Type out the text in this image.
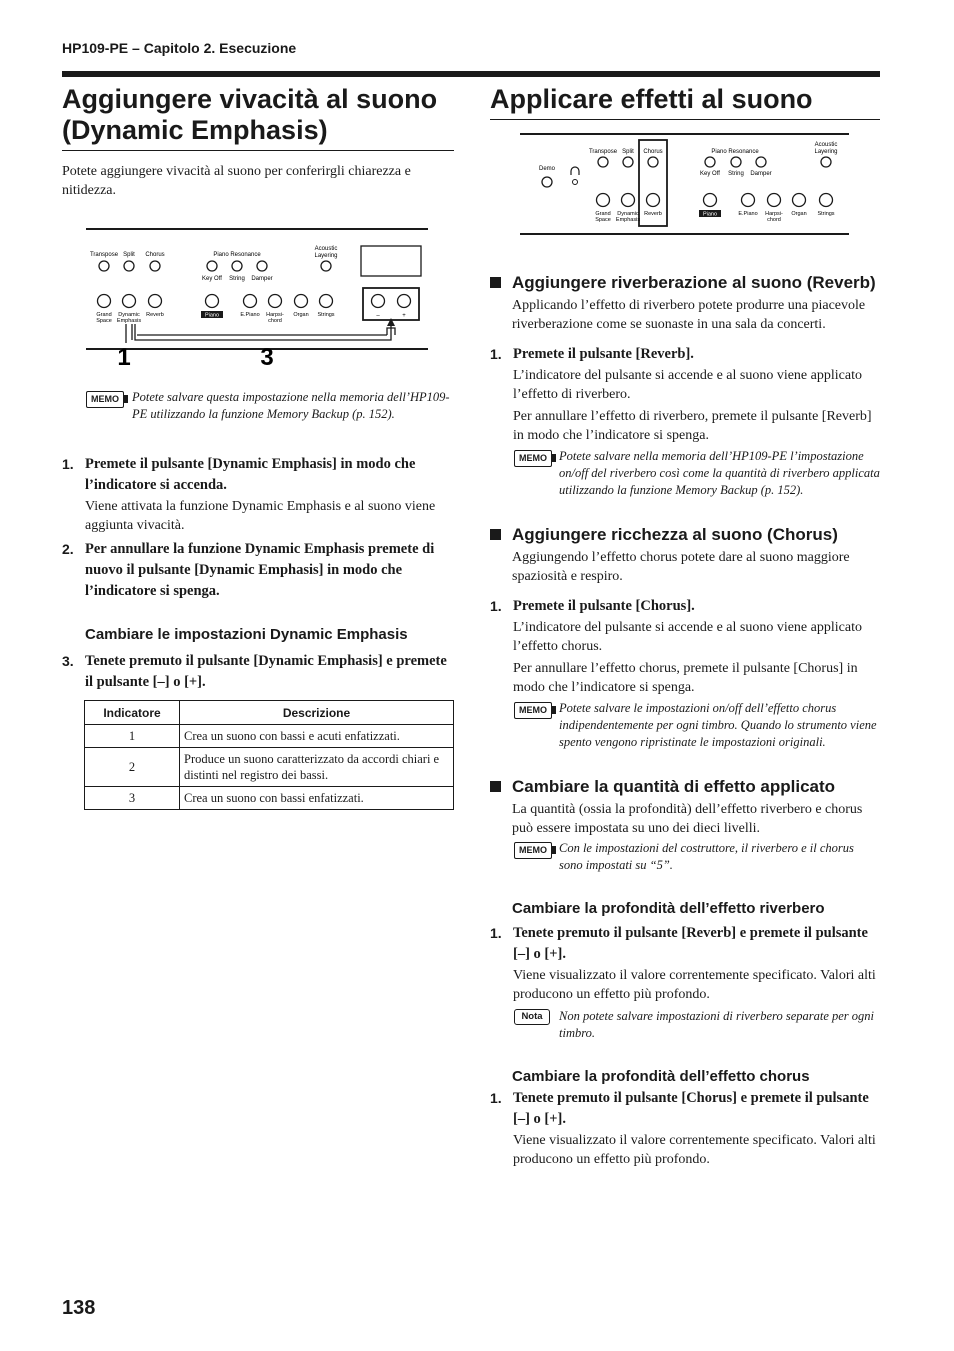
HP109-PE – Capitolo 2. Esecuzione
Aggiungere vivacità al suono (Dynamic Emphasis)
Potete aggiungere vivacità al suono per conferirgli chiarezza e nitidezza.
Transpose Split Chorus	Piano Resonance
Acoustic
Layering
Key Off String Damper
Grand
Space
Dynamic
Emphasis
Reverb	Piano	E.Piano Harpsi-
chord
Organ Strings	–	+
1	3
MEMO	Potete salvare questa impostazione nella memoria dell’HP109-PE utilizzando la funzione Memory Backup (p. 152).
1. Premete il pulsante [Dynamic Emphasis] in modo che l’indicatore si accenda.
Viene attivata la funzione Dynamic Emphasis e al suono viene aggiunta vivacità.
2. Per annullare la funzione Dynamic Emphasis premete di nuovo il pulsante [Dynamic Emphasis] in modo che l’indicatore si spenga.
Cambiare le impostazioni Dynamic Emphasis
3. Tenete premuto il pulsante [Dynamic Emphasis] e premete il pulsante [–] o [+].
Indicatore	Descrizione
1	Crea un suono con bassi e acuti enfatizzati.
2	Produce un suono caratterizzato da accordi chiari e distinti nel registro dei bassi.
3	Crea un suono con bassi enfatizzati.
Applicare effetti al suono
Demo
Transpose Split Chorus	Piano Resonance
Acoustic
Layering
Key Off String Damper
Grand
Space
Dynamic
Emphasis
Reverb	Piano	E.Piano Harpsi-
chord
Organ Strings
Aggiungere riverberazione al suono (Reverb)
Applicando l’effetto di riverbero potete produrre una piacevole riverberazione come se suonaste in una sala da concerti.
1. Premete il pulsante [Reverb].

L’indicatore del pulsante si accende e al suono viene applicato l’effetto di riverbero.

Per annullare l’effetto di riverbero, premete il pulsante [Reverb] in modo che l’indicatore si spenga.

MEMO Potete salvare nella memoria dell’HP109-PE l’impostazione on/off del riverbero così come la quantità di riverbero applicata utilizzando la funzione Memory Backup (p. 152).
Aggiungere ricchezza al suono (Chorus)
Aggiungendo l’effetto chorus potete dare al suono maggiore spaziosità e respiro.
1. Premete il pulsante [Chorus].

L’indicatore del pulsante si accende e al suono viene applicato l’effetto chorus.

Per annullare l’effetto chorus, premete il pulsante [Chorus] in modo che l’indicatore si spenga.

MEMO Potete salvare le impostazioni on/off dell’effetto chorus indipendentemente per ogni timbro. Quando lo strumento viene spento vengono ripristinate le impostazioni originali.
Cambiare la quantità di effetto applicato
La quantità (ossia la profondità) dell’effetto riverbero e chorus può essere impostata su uno dei dieci livelli.
MEMO Con le impostazioni del costruttore, il riverbero e il chorus sono impostati su “5”.
Cambiare la profondità dell’effetto riverbero
1. Tenete premuto il pulsante [Reverb] e premete il pulsante [–] o [+].
Viene visualizzato il valore correntemente specificato. Valori alti producono un effetto più profondo.
Nota	Non potete salvare impostazioni di riverbero separate per ogni timbro.
Cambiare la profondità dell’effetto chorus
1. Tenete premuto il pulsante [Chorus] e premete il pulsante [–] o [+].
Viene visualizzato il valore correntemente specificato. Valori alti producono un effetto più profondo.
138
